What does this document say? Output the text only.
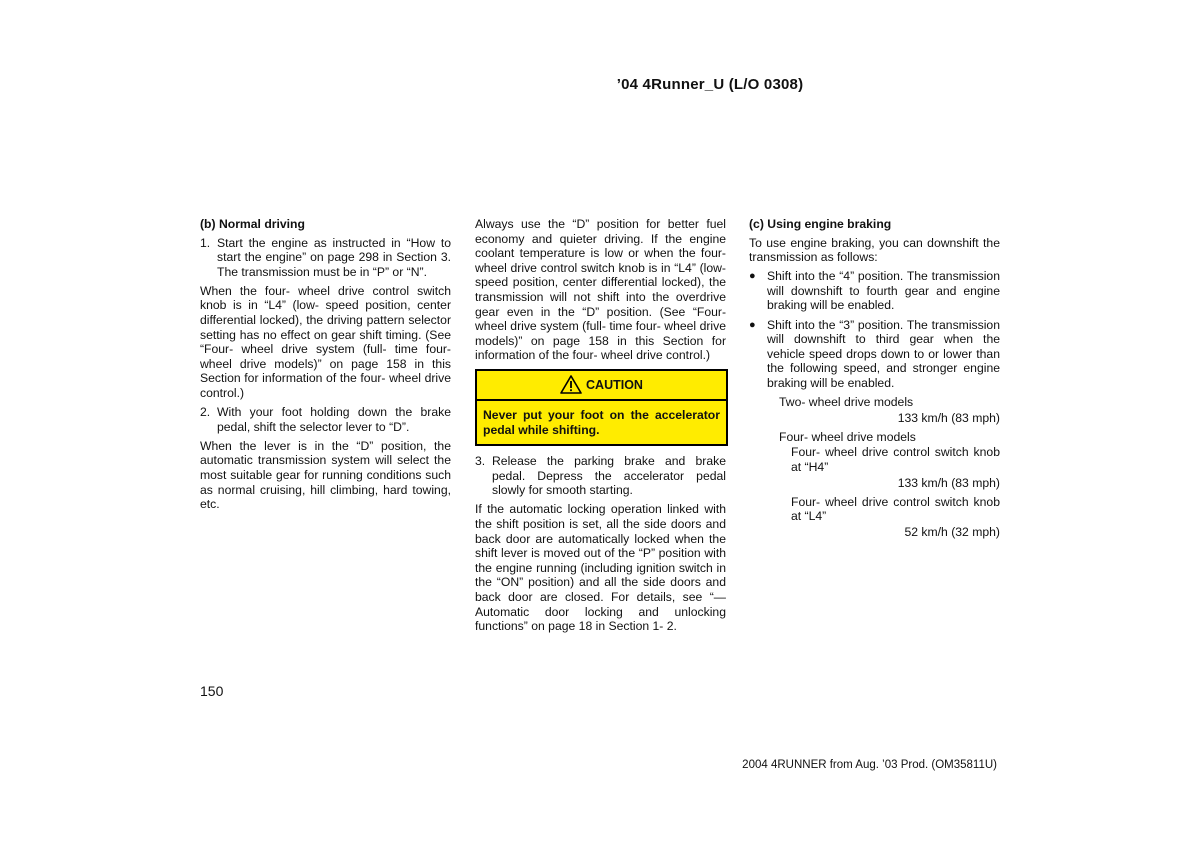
’04 4Runner_U (L/O 0308)
(b) Normal driving
1. Start the engine as instructed in “How to start the engine” on page 298 in Section 3. The transmission must be in “P” or “N”.

When the four- wheel drive control switch knob is in “L4” (low- speed position, center differential locked), the driving pattern selector setting has no effect on gear shift timing. (See “Four- wheel drive system (full- time four- wheel drive models)” on page 158 in this Section for information of the four- wheel drive control.)

2. With your foot holding down the brake pedal, shift the selector lever to “D”.

When the lever is in the “D” position, the automatic transmission system will select the most suitable gear for running conditions such as normal cruising, hill climbing, hard towing, etc.

Always use the “D” position for better fuel economy and quieter driving. If the engine coolant temperature is low or when the four- wheel drive control switch knob is in “L4” (low- speed position, center differential locked), the transmission will not shift into the overdrive gear even in the “D” position. (See “Four- wheel drive system (full- time four- wheel drive models)” on page 158 in this Section for information of the four- wheel drive control.)

CAUTION
Never put your foot on the accelerator pedal while shifting.
3. Release the parking brake and brake pedal. Depress the accelerator pedal slowly for smooth starting.

If the automatic locking operation linked with the shift position is set, all the side doors and back door are automatically locked when the shift lever is moved out of the “P” position with the engine running (including ignition switch in the “ON” position) and all the side doors and back door are closed. For details, see “—Automatic door locking and unlocking functions” on page 18 in Section 1- 2.

(c) Using engine braking

To use engine braking, you can downshift the transmission as follows:

● Shift into the “4” position. The transmission will downshift to fourth gear and engine braking will be enabled.
● Shift into the “3” position. The transmission will downshift to third gear when the vehicle speed drops down to or lower than the following speed, and stronger engine braking will be enabled.
Two- wheel drive models
133 km/h (83 mph)
Four- wheel drive models
Four- wheel drive control switch knob at “H4”
133 km/h (83 mph)
Four- wheel drive control switch knob at “L4”
52 km/h (32 mph)
150
2004 4RUNNER from Aug. ’03 Prod. (OM35811U)
